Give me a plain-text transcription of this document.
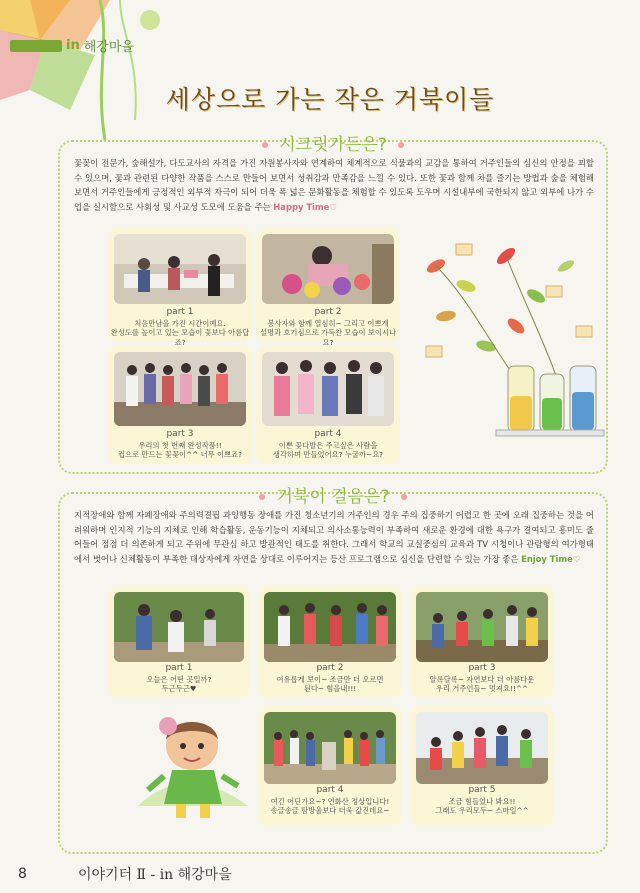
in 해강마을
세상으로 가는 작은 거북이들
시크릿가든은?
꽃꽂이 전문가, 숲해설가, 다도교사의 자격을 가진 자원봉사자와 연계하여 체계적으로 식물과의 교감을 통하여 거주인들의 심신의 안정을 꾀할 수 있으며, 꽃과 관련된 다양한 작품을 스스로 만들어 보면서 성취감과 만족감을 느낄 수 있다. 또한 꽃과 함께 차를 즐기는 방법과 숲을 체험해 보면서 거주인들에게 긍정적인 외부적 자극이 되어 더욱 폭 넓은 문화활동을 체험할 수 있도록 도우며 시설내부에 국한되지 않고 외부에 나가 수업을 실시함으로 사회성 및 사교성 도모에 도움을 주는 Happy Time♡
part 1
처음만남을 가진 시간이예요.
완성도를 높이고 있는 모습이 꽃보다 아름답죠?
part 2
봉사자와 함께 열심히~ 그리고 이쁘게
설명과 호기심으로 가득찬 모습이 보이시나요?
part 3
우리의 첫 번째 완성작품!!
컵으로 만드는 꽃꽂이^^ 너무 이쁘죠?
part 4
이쁜 꽃다발은 주고싶은 사람을
생각하며 만들었어요? 누굴까~요?
거북이 걸음은?
지적장애와 함께 자폐장애와 주의력결핍 과잉행동 장애를 가진 청소년기의 거주인의 경우 주의 집중하기 어렵고 한 곳에 오래 집중하는 것을 어려워하며 인지적 기능의 지체로 인해 학습활동, 운동기능이 지체되고 의사소통능력이 부족하여 새로운 환경에 대한 욕구가 결여되고 흥미도 줄어들어 점점 더 의존하게 되고 주위에 무관심 하고 방관적인 태도를 취한다. 그래서 학교의 교실중심의 교육과 TV 시청이나 관람형의 여가형태에서 벗어나 신체활동이 부족한 대상자에게 자연을 상대로 이루어지는 등산 프로그램으로 심신을 단련할 수 있는 가장 좋은 Enjoy Time♡
part 1
오늘은 어떤 곳일까?
두근두근♥
part 2
여유롭게 보이~ 조금만 더 오르면
된다~ 힘을내!!!
part 3
알록달록~ 자연보다 더 아름다운
우리 거주인들~ 멋져요!!^^
part 4
여긴 어딘가요~? 연화산 정상입니다!
송글송글 땀방울보다 더욱 값진데요~
part 5
조금 힘들었나 봐요!!
그래도 우리모두~ 스마일^^
8	이야기터 Ⅱ - in 해강마을
